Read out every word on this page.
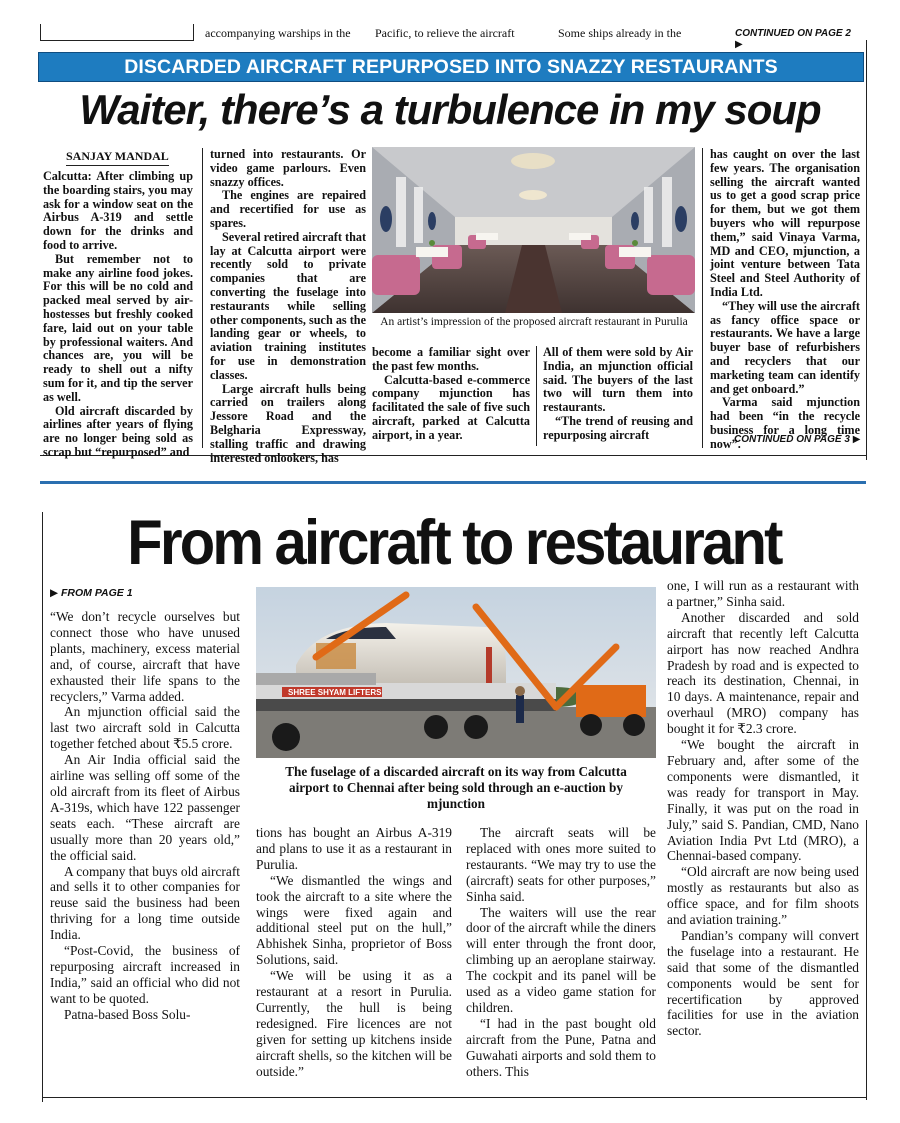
accompanying warships in the Pacific, to relieve the aircraft	Some ships already in the	CONTINUED ON PAGE 2 ▶
DISCARDED AIRCRAFT REPURPOSED INTO SNAZZY RESTAURANTS
Waiter, there’s a turbulence in my soup
SANJAY MANDAL

Calcutta: After climbing up the boarding stairs, you may ask for a window seat on the Airbus A-319 and settle down for the drinks and food to arrive.

But remember not to make any airline food jokes. For this will be no cold and packed meal served by air-hostesses but freshly cooked fare, laid out on your table by professional waiters. And chances are, you will be ready to shell out a nifty sum for it, and tip the server as well.

Old aircraft discarded by airlines after years of flying are no longer being sold as scrap but “repurposed” and

turned into restaurants. Or video game parlours. Even snazzy offices.

The engines are repaired and recertified for use as spares.

Several retired aircraft that lay at Calcutta airport were recently sold to private companies that are converting the fuselage into restaurants while selling other components, such as the landing gear or wheels, to aviation training institutes for use in demonstration classes.

Large aircraft hulls being carried on trailers along Jessore Road and the Belgharia Expressway, stalling traffic and drawing interested onlookers, has

An artist’s impression of the proposed aircraft restaurant in Purulia

become a familiar sight over the past few months.

Calcutta-based e-commerce company mjunction has facilitated the sale of five such aircraft, parked at Calcutta airport, in a year.

All of them were sold by Air India, an mjunction official said. The buyers of the last two will turn them into restaurants.

“The trend of reusing and repurposing aircraft

has caught on over the last few years. The organisation selling the aircraft wanted us to get a good scrap price for them, but we got them buyers who will repurpose them,” said Vinaya Varma, MD and CEO, mjunction, a joint venture between Tata Steel and Steel Authority of India Ltd.

“They will use the aircraft as fancy office space or restaurants. We have a large buyer base of refurbishers and recyclers that our marketing team can identify and get onboard.”

Varma said mjunction had been “in the recycle business for a long time now”.

CONTINUED ON PAGE 3 ▶
From aircraft to restaurant
▶ FROM PAGE 1

“We don’t recycle ourselves but connect those who have unused plants, machinery, excess material and, of course, aircraft that have exhausted their life spans to the recyclers,” Varma added.

An mjunction official said the last two aircraft sold in Calcutta together fetched about ₹5.5 crore.

An Air India official said the airline was selling off some of the old aircraft from its fleet of Airbus A-319s, which have 122 passenger seats each. “These aircraft are usually more than 20 years old,” the official said.

A company that buys old aircraft and sells it to other companies for reuse said the business had been thriving for a long time outside India.

“Post-Covid, the business of repurposing aircraft increased in India,” said an official who did not want to be quoted.

Patna-based Boss Solu-

SHREE SHYAM LIFTERS
The fuselage of a discarded aircraft on its way from Calcutta airport to Chennai after being sold through an e-auction by mjunction

tions has bought an Airbus A-319 and plans to use it as a restaurant in Purulia.

“We dismantled the wings and took the aircraft to a site where the wings were fixed again and additional steel put on the hull,” Abhishek Sinha, proprietor of Boss Solutions, said.

“We will be using it as a restaurant at a resort in Purulia. Currently, the hull is being redesigned. Fire licences are not given for setting up kitchens inside aircraft shells, so the kitchen will be outside.”

The aircraft seats will be replaced with ones more suited to restaurants. “We may try to use the (aircraft) seats for other purposes,” Sinha said.

The waiters will use the rear door of the aircraft while the diners will enter through the front door, climbing up an aeroplane stairway. The cockpit and its panel will be used as a video game station for children.

“I had in the past bought old aircraft from the Pune, Patna and Guwahati airports and sold them to others. This

one, I will run as a restaurant with a partner,” Sinha said.

Another discarded and sold aircraft that recently left Calcutta airport has now reached Andhra Pradesh by road and is expected to reach its destination, Chennai, in 10 days. A maintenance, repair and overhaul (MRO) company has bought it for ₹2.3 crore.

“We bought the aircraft in February and, after some of the components were dismantled, it was ready for transport in May. Finally, it was put on the road in July,” said S. Pandian, CMD, Nano Aviation India Pvt Ltd (MRO), a Chennai-based company.

“Old aircraft are now being used mostly as restaurants but also as office space, and for film shoots and aviation training.”

Pandian’s company will convert the fuselage into a restaurant. He said that some of the dismantled components would be sent for recertification by approved facilities for use in the aviation sector.
